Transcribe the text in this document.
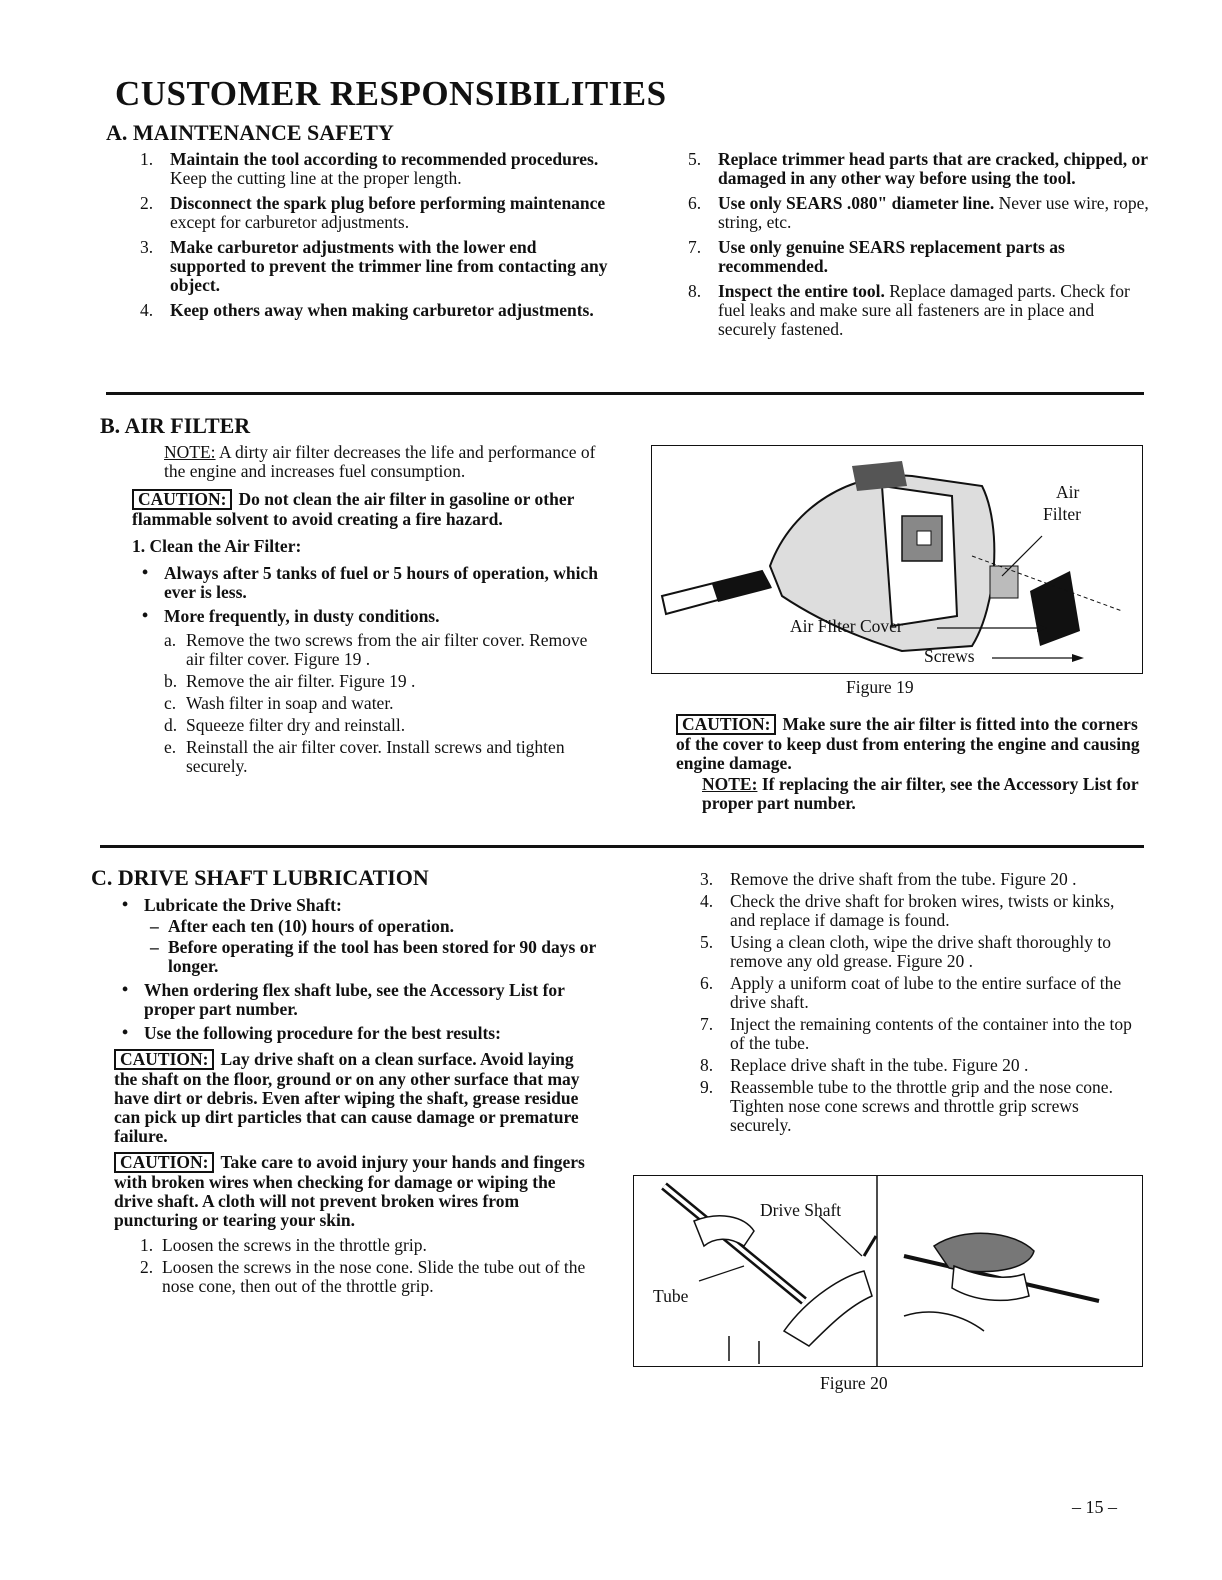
CUSTOMER RESPONSIBILITIES
A. MAINTENANCE SAFETY
1. Maintain the tool according to recommended procedures. Keep the cutting line at the proper length.
2. Disconnect the spark plug before performing maintenance except for carburetor adjustments.
3. Make carburetor adjustments with the lower end supported to prevent the trimmer line from contacting any object.
4. Keep others away when making carburetor adjustments.
5. Replace trimmer head parts that are cracked, chipped, or damaged in any other way before using the tool.
6. Use only SEARS .080" diameter line. Never use wire, rope, string, etc.
7. Use only genuine SEARS replacement parts as recommended.
8. Inspect the entire tool. Replace damaged parts. Check for fuel leaks and make sure all fasteners are in place and securely fastened.
B. AIR FILTER
NOTE: A dirty air filter decreases the life and performance of the engine and increases fuel consumption.
CAUTION: Do not clean the air filter in gasoline or other flammable solvent to avoid creating a fire hazard.
1. Clean the Air Filter:
• Always after 5 tanks of fuel or 5 hours of operation, which ever is less.
• More frequently, in dusty conditions.
a. Remove the two screws from the air filter cover. Remove air filter cover. Figure 19 .
b. Remove the air filter. Figure 19 .
c. Wash filter in soap and water.
d. Squeeze filter dry and reinstall.
e. Reinstall the air filter cover. Install screws and tighten securely.
Air
Filter
Air Filter Cover
Screws
Figure 19
CAUTION: Make sure the air filter is fitted into the corners of the cover to keep dust from entering the engine and causing engine damage.
NOTE: If replacing the air filter, see the Accessory List for proper part number.
C. DRIVE SHAFT LUBRICATION
• Lubricate the Drive Shaft:
– After each ten (10) hours of operation.
– Before operating if the tool has been stored for 90 days or longer.
• When ordering flex shaft lube, see the Accessory List for proper part number.
• Use the following procedure for the best results:
CAUTION: Lay drive shaft on a clean surface. Avoid laying the shaft on the floor, ground or on any other surface that may have dirt or debris. Even after wiping the shaft, grease residue can pick up dirt particles that can cause damage or premature failure.
CAUTION: Take care to avoid injury your hands and fingers with broken wires when checking for damage or wiping the drive shaft. A cloth will not prevent broken wires from puncturing or tearing your skin.
1. Loosen the screws in the throttle grip.
2. Loosen the screws in the nose cone. Slide the tube out of the nose cone, then out of the throttle grip.
3. Remove the drive shaft from the tube. Figure 20 .
4. Check the drive shaft for broken wires, twists or kinks, and replace if damage is found.
5. Using a clean cloth, wipe the drive shaft thoroughly to remove any old grease. Figure 20 .
6. Apply a uniform coat of lube to the entire surface of the drive shaft.
7. Inject the remaining contents of the container into the top of the tube.
8. Replace drive shaft in the tube. Figure 20 .
9. Reassemble tube to the throttle grip and the nose cone. Tighten nose cone screws and throttle grip screws securely.
Drive Shaft
Tube
Figure 20
– 15 –
